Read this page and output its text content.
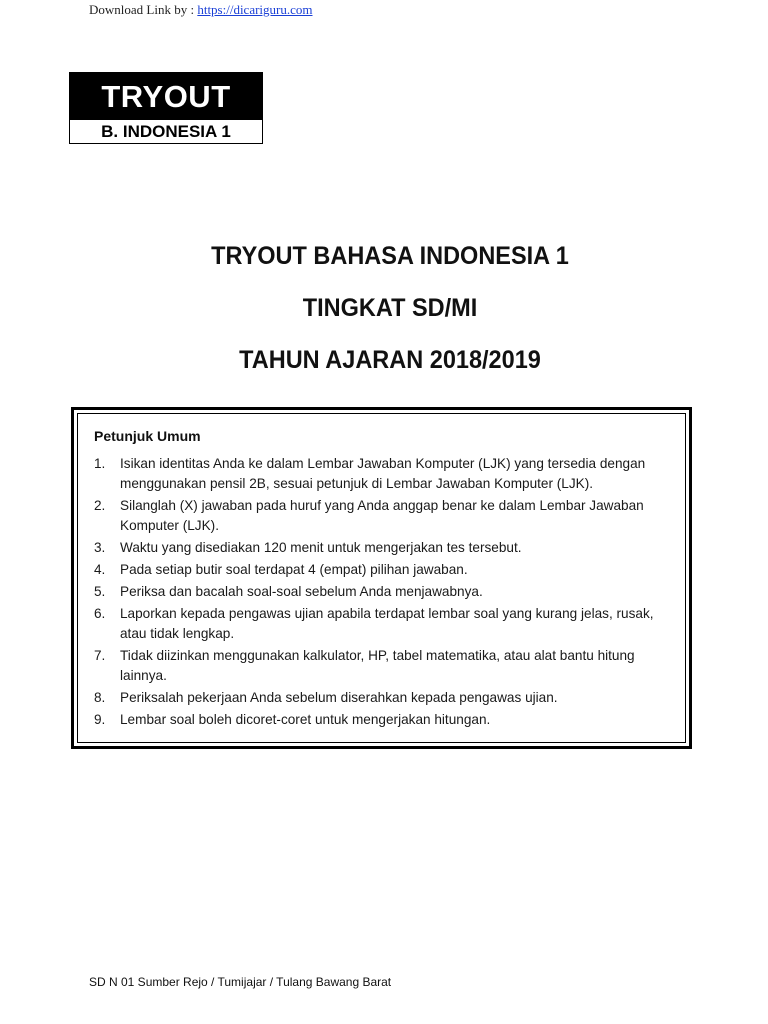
Download Link by : https://dicariguru.com
TRYOUT
B. INDONESIA 1
TRYOUT BAHASA INDONESIA 1
TINGKAT SD/MI
TAHUN AJARAN 2018/2019
Petunjuk Umum
1.	Isikan identitas Anda ke dalam Lembar Jawaban Komputer (LJK) yang tersedia dengan menggunakan pensil 2B, sesuai petunjuk di Lembar Jawaban Komputer (LJK).
2.	Silanglah (X) jawaban pada huruf yang Anda anggap benar ke dalam Lembar Jawaban Komputer (LJK).
3.	Waktu yang disediakan 120 menit untuk mengerjakan tes tersebut.
4.	Pada setiap butir soal terdapat 4 (empat) pilihan jawaban.
5.	Periksa dan bacalah soal-soal sebelum Anda menjawabnya.
6.	Laporkan kepada pengawas ujian apabila terdapat lembar soal yang kurang jelas, rusak, atau tidak lengkap.
7.	Tidak diizinkan menggunakan kalkulator, HP, tabel matematika, atau alat bantu hitung lainnya.
8.	Periksalah pekerjaan Anda sebelum diserahkan kepada pengawas ujian.
9.	Lembar soal boleh dicoret-coret untuk mengerjakan hitungan.
SD N 01 Sumber Rejo / Tumijajar / Tulang Bawang Barat
